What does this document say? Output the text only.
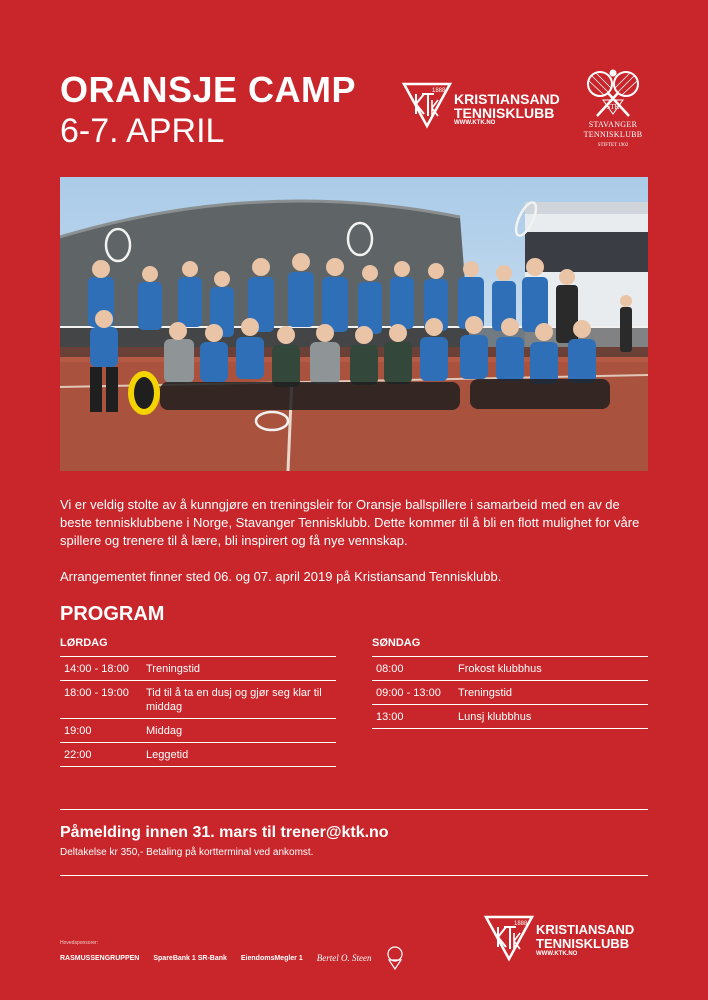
ORANSJE CAMP
6-7. APRIL
1888 KRISTIANSAND
TENNISKLUBB
WWW.KTK.NO
STK
STAVANGER
TENNISKLUBB
STIFTET 1902

Vi er veldig stolte av å kunngjøre en treningsleir for Oransje ballspillere i samarbeid med en av de beste tennisklubbene i Norge, Stavanger Tennisklubb. Dette kommer til å bli en flott mulighet for våre spillere og trenere til å lære, bli inspirert og få nye vennskap.

Arrangementet finner sted 06. og 07. april 2019 på Kristiansand Tennisklubb.

PROGRAM
LØRDAG	SØNDAG
14:00 - 18:00	Treningstid
18:00 - 19:00	Tid til å ta en dusj og gjør seg klar til middag
19:00	Middag
22:00	Leggetid
08:00	Frokost klubbhus
09:00 - 13:00	Treningstid
13:00	Lunsj klubbhus
Påmelding innen 31. mars til trener@ktk.no
Deltakelse kr 350,- Betaling på kortterminal ved ankomst.
Hovedsponsorer:
RASMUSSENGRUPPEN SpareBank 1 SR-Bank EiendomsMegler 1 Bertel O. Steen
1888 KRISTIANSAND
TENNISKLUBB
WWW.KTK.NO
